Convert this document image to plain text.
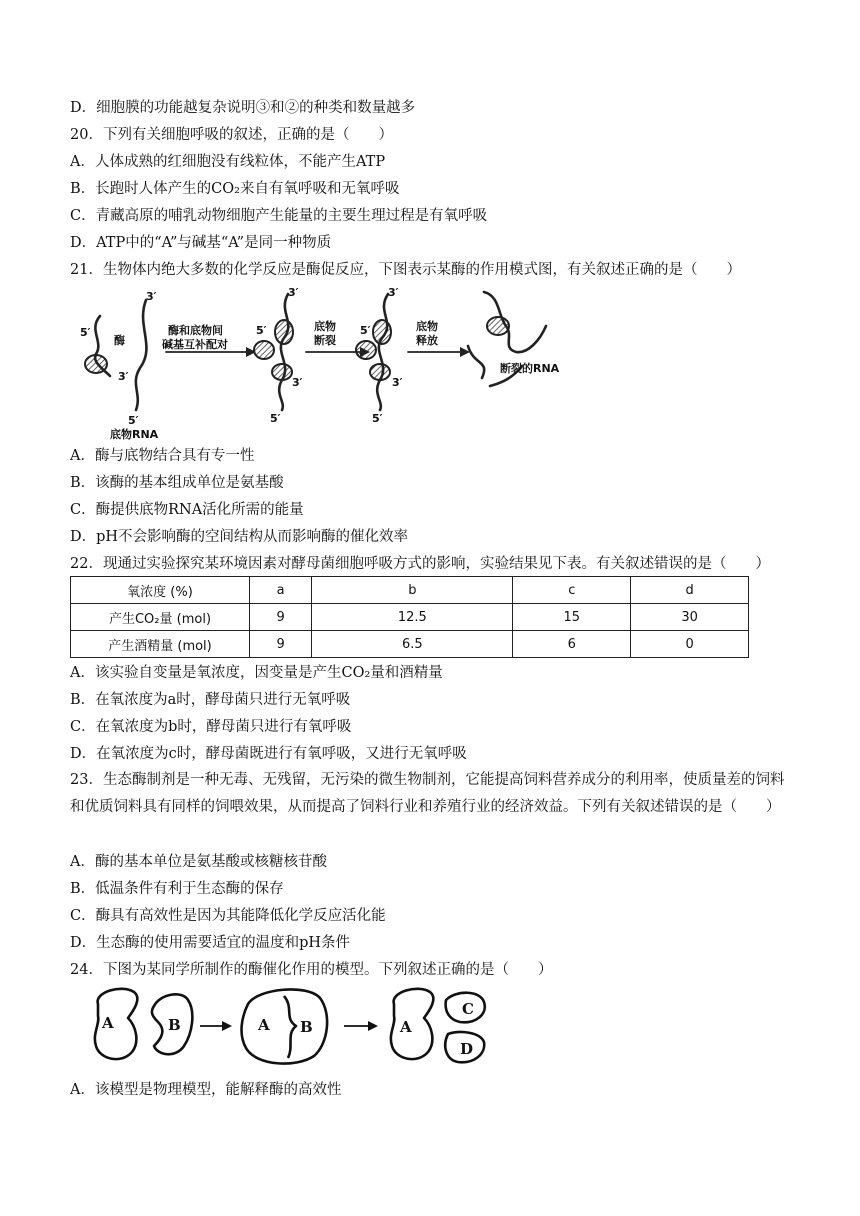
D．细胞膜的功能越复杂说明③和②的种类和数量越多
20．下列有关细胞呼吸的叙述，正确的是（　　）
A．人体成熟的红细胞没有线粒体，不能产生ATP
B．长跑时人体产生的CO₂来自有氧呼吸和无氧呼吸
C．青藏高原的哺乳动物细胞产生能量的主要生理过程是有氧呼吸
D．ATP中的“A”与碱基“A”是同一种物质
21．生物体内绝大多数的化学反应是酶促反应，下图表示某酶的作用模式图，有关叙述正确的是（　　）
5′
3′
酶
3′
5′
底物RNA
酶和底物间
碱基互补配对
3′
5′
3′
5′
底物
断裂
3′
5′
3′
5′
底物
释放
断裂的RNA
A．酶与底物结合具有专一性
B．该酶的基本组成单位是氨基酸
C．酶提供底物RNA活化所需的能量
D．pH不会影响酶的空间结构从而影响酶的催化效率
22．现通过实验探究某环境因素对酵母菌细胞呼吸方式的影响，实验结果见下表。有关叙述错误的是（　　）
氧浓度 (%)	a	b	c	d
产生CO₂量 (mol)	9	12.5	15	30
产生酒精量 (mol)	9	6.5	6	0
A．该实验自变量是氧浓度，因变量是产生CO₂量和酒精量
B．在氧浓度为a时，酵母菌只进行无氧呼吸
C．在氧浓度为b时，酵母菌只进行有氧呼吸
D．在氧浓度为c时，酵母菌既进行有氧呼吸，又进行无氧呼吸
23．生态酶制剂是一种无毒、无残留，无污染的微生物制剂，它能提高饲料营养成分的利用率，使质量差的饲料和优质饲料具有同样的饲喂效果，从而提高了饲料行业和养殖行业的经济效益。下列有关叙述错误的是（　　）
A．酶的基本单位是氨基酸或核糖核苷酸
B．低温条件有利于生态酶的保存
C．酶具有高效性是因为其能降低化学反应活化能
D．生态酶的使用需要适宜的温度和pH条件
24．下图为某同学所制作的酶催化作用的模型。下列叙述正确的是（　　）
A	B	A B	A
C
D
A．该模型是物理模型，能解释酶的高效性
